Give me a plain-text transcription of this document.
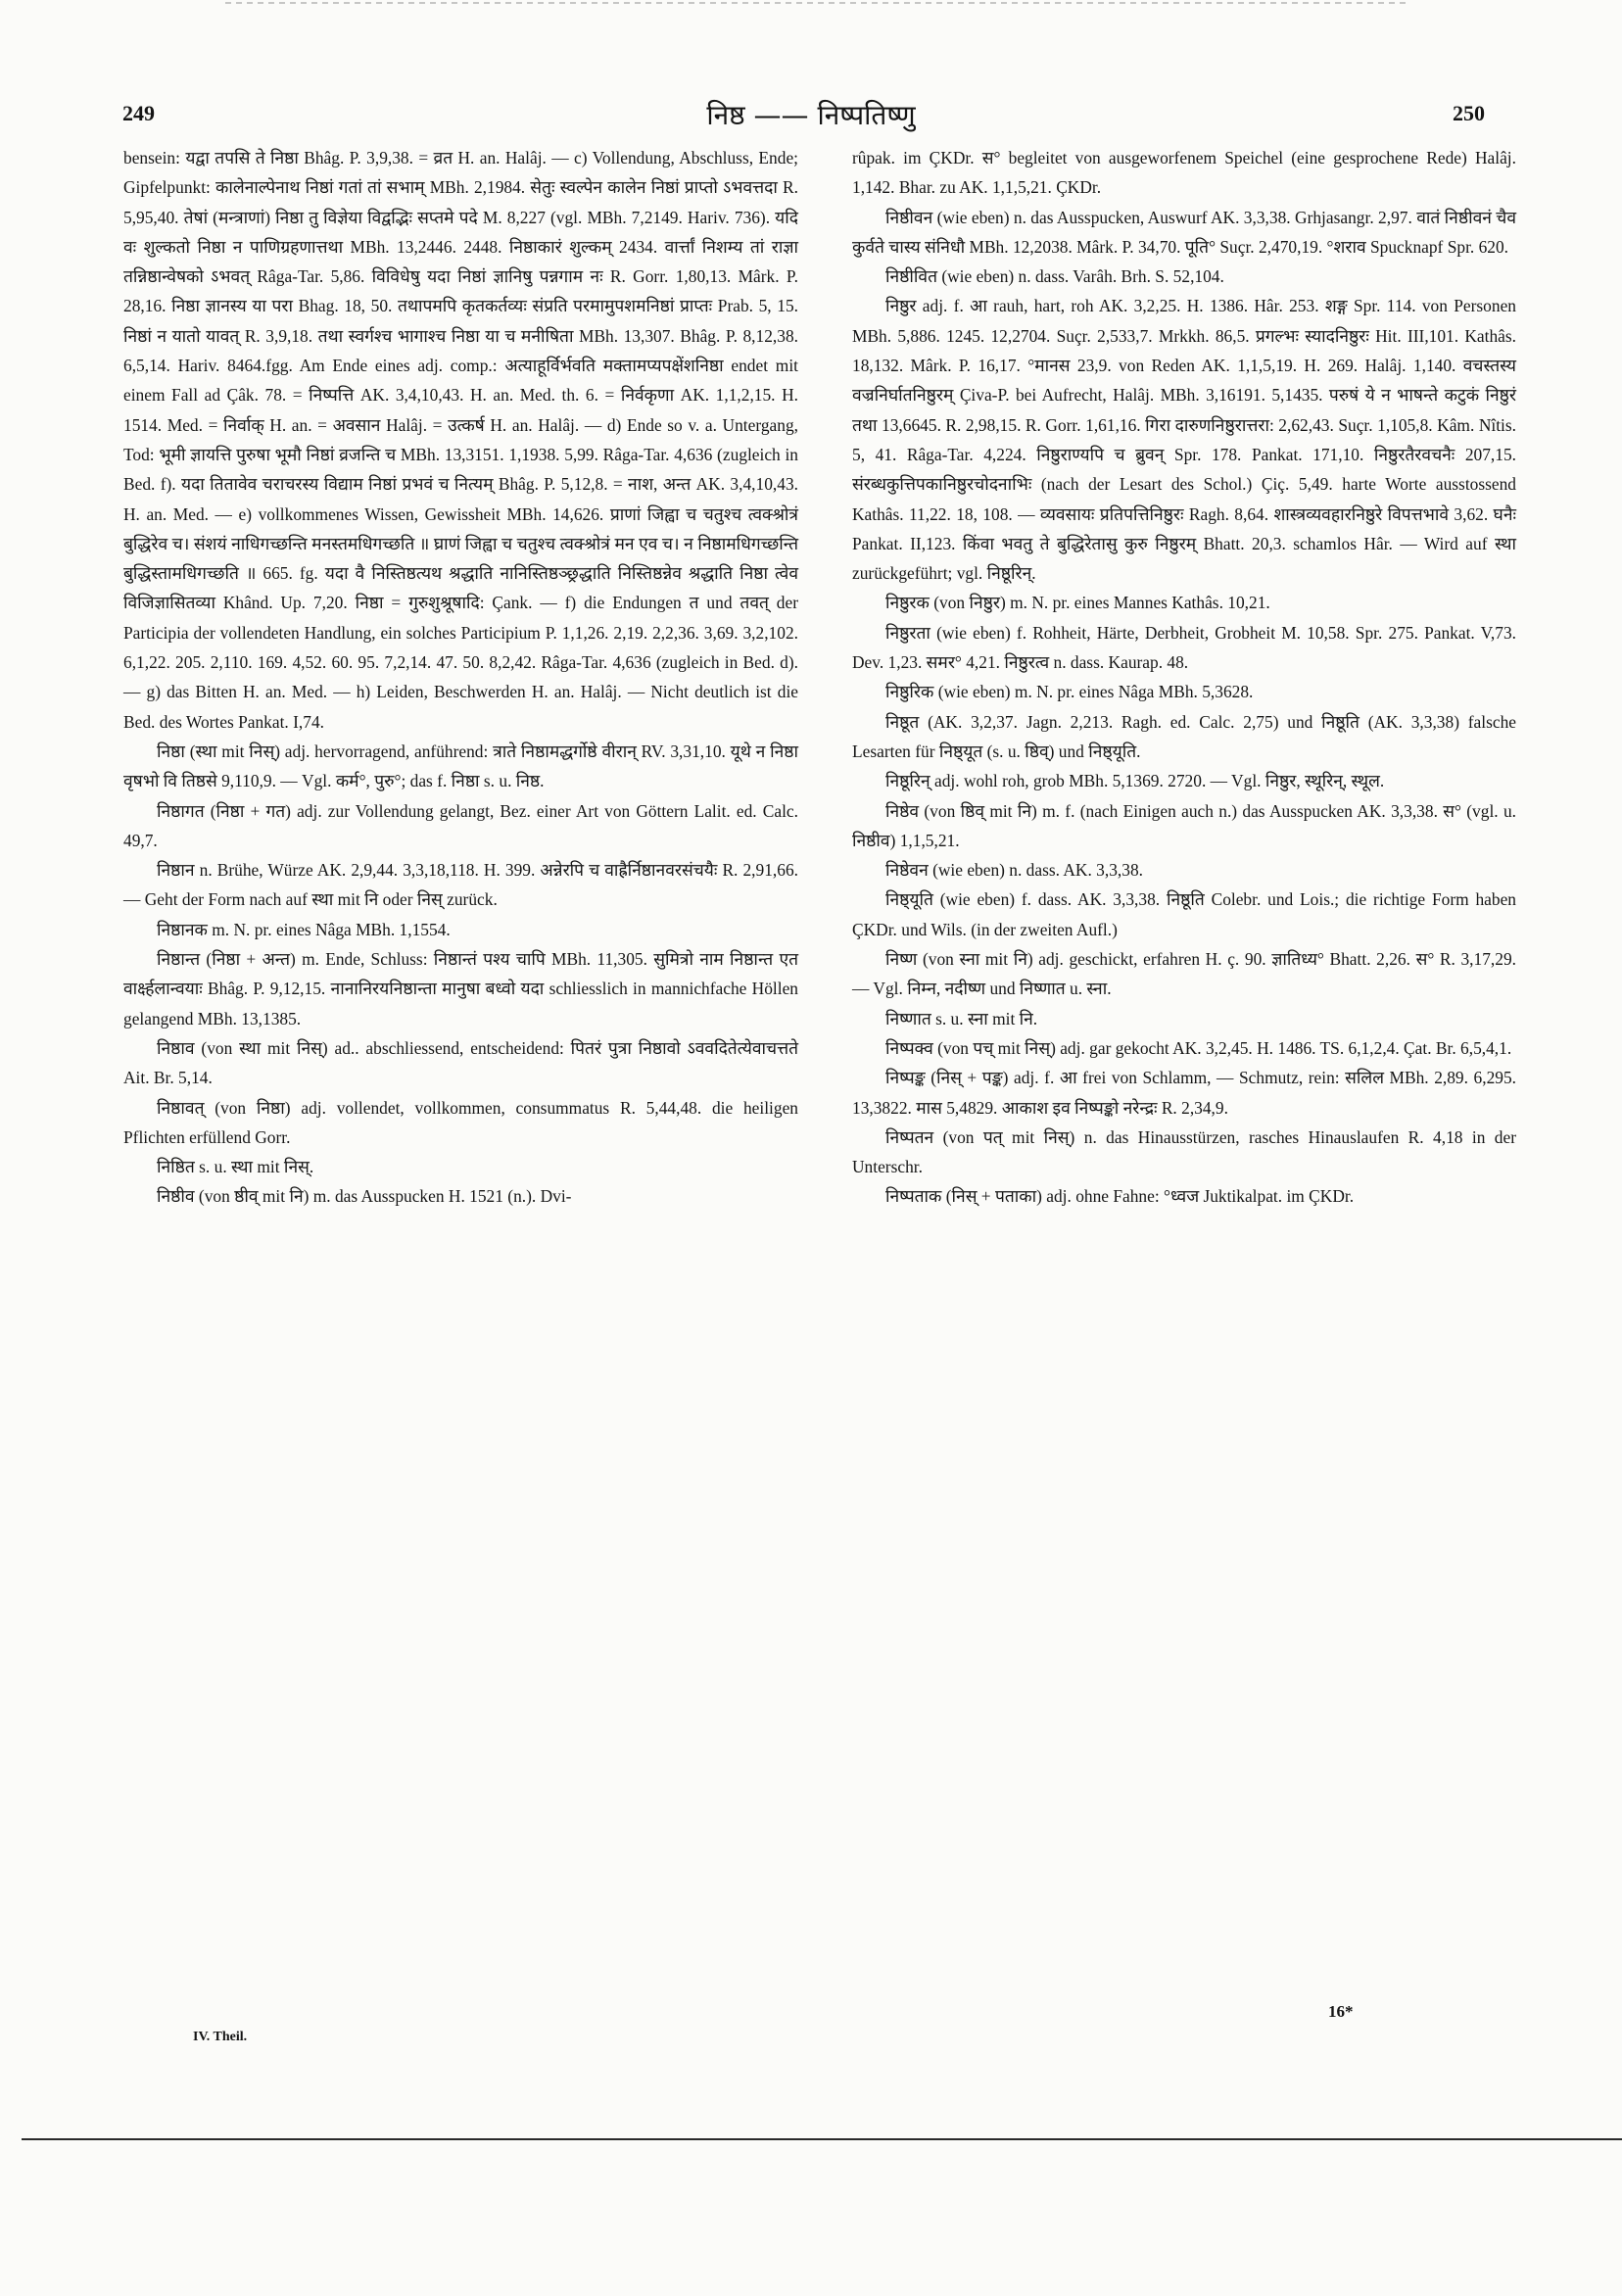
249	निष्ठ —— निष्पतिष्णु	250

bensein: यद्वा तपसि ते निष्ठा Bhâg. P. 3,9,38. = व्रत H. an. Halâj. — c) Vollendung, Abschluss, Ende; Gipfelpunkt: कालेनाल्पेनाथ निष्ठां गतां तां सभाम् MBh. 2,1984. सेतुः स्वल्पेन कालेन निष्ठां प्राप्तो ऽभवत्तदा R. 5,95,40. तेषां (मन्त्राणां) निष्ठा तु विज्ञेया विद्वद्भिः सप्तमे पदे M. 8,227 (vgl. MBh. 7,2149. Hariv. 736). यदि वः शुल्कतो निष्ठा न पाणिग्रहणात्तथा MBh. 13,2446. 2448. निष्ठाकारं शुल्कम् 2434. वार्त्तां निशम्य तां राज्ञा तन्निष्ठान्वेषको ऽभवत् Râga-Tar. 5,86. विविधेषु यदा निष्ठां ज्ञानिषु पन्नगाम नः R. Gorr. 1,80,13. Mârk. P. 28,16. निष्ठा ज्ञानस्य या परा Bhag. 18, 50. तथापमपि कृतकर्तव्यः संप्रति परमामुपशमनिष्ठां प्राप्तः Prab. 5, 15. निष्ठां न यातो यावत् R. 3,9,18. तथा स्वर्गश्च भागाश्च निष्ठा या च मनीषिता MBh. 13,307. Bhâg. P. 8,12,38. 6,5,14. Hariv. 8464.fgg. Am Ende eines adj. comp.: अत्याहूर्विर्भवति मक्तामप्यपक्षेंशनिष्ठा endet mit einem Fall ad Çâk. 78. = निष्पत्ति AK. 3,4,10,43. H. an. Med. th. 6. = निर्वकृणा AK. 1,1,2,15. H. 1514. Med. = निर्वाक् H. an. = अवसान Halâj. = उत्कर्ष H. an. Halâj. — d) Ende so v. a. Untergang, Tod: भूमी ज्ञायत्ति पुरुषा भूमौ निष्ठां व्रजन्ति च MBh. 13,3151. 1,1938. 5,99. Râga-Tar. 4,636 (zugleich in Bed. f). यदा तितावेव चराचरस्य विद्याम निष्ठां प्रभवं च नित्यम् Bhâg. P. 5,12,8. = नाश, अन्त AK. 3,4,10,43. H. an. Med. — e) vollkommenes Wissen, Gewissheit MBh. 14,626. प्राणां जिह्वा च चतुश्च त्वक्श्रोत्रं बुद्धिरेव च। संशयं नाधिगच्छन्ति मनस्तमधिगच्छति ॥ घ्राणं जिह्वा च चतुश्च त्वक्श्रोत्रं मन एव च। न निष्ठामधिगच्छन्ति बुद्धिस्तामधिगच्छति ॥ 665. fg. यदा वै निस्तिष्ठत्यथ श्रद्धाति नानिस्तिष्ठञ्छ्रद्धाति निस्तिष्ठन्नेव श्रद्धाति निष्ठा त्वेव विजिज्ञासितव्या Khând. Up. 7,20. निष्ठा = गुरुशुश्रूषादि: Çank. — f) die Endungen त und तवत् der Participia der vollendeten Handlung, ein solches Participium P. 1,1,26. 2,19. 2,2,36. 3,69. 3,2,102. 6,1,22. 205. 2,110. 169. 4,52. 60. 95. 7,2,14. 47. 50. 8,2,42. Râga-Tar. 4,636 (zugleich in Bed. d). — g) das Bitten H. an. Med. — h) Leiden, Beschwerden H. an. Halâj. — Nicht deutlich ist die Bed. des Wortes Pankat. I,74.

निष्ठा (स्था mit निस्) adj. hervorragend, anführend: त्राते निष्ठामद्धर्गोष्ठे वीरान् RV. 3,31,10. यूथे न निष्ठा वृषभो वि तिष्ठसे 9,110,9. — Vgl. कर्म°, पुरु°; das f. निष्ठा s. u. निष्ठ.

निष्ठागत (निष्ठा + गत) adj. zur Vollendung gelangt, Bez. einer Art von Göttern Lalit. ed. Calc. 49,7.

निष्ठान n. Brühe, Würze AK. 2,9,44. 3,3,18,118. H. 399. अन्नेरपि च वाह्रैर्निष्ठानवरसंचयैः R. 2,91,66. — Geht der Form nach auf स्था mit नि oder निस् zurück.

निष्ठानक m. N. pr. eines Nâga MBh. 1,1554.

निष्ठान्त (निष्ठा + अन्त) m. Ende, Schluss: निष्ठान्तं पश्य चापि MBh. 11,305. सुमित्रो नाम निष्ठान्त एत वार्क्ष्हलान्वयाः Bhâg. P. 9,12,15. नानानिरयनिष्ठान्ता मानुषा बध्वो यदा schliesslich in mannichfache Höllen gelangend MBh. 13,1385.

निष्ठाव (von स्था mit निस्) ad.. abschliessend, entscheidend: पितरं पुत्रा निष्ठावो ऽववदितेत्येवाचत्तते Ait. Br. 5,14.

निष्ठावत् (von निष्ठा) adj. vollendet, vollkommen, consummatus R. 5,44,48. die heiligen Pflichten erfüllend Gorr.

निष्ठित s. u. स्था mit निस्.

निष्ठीव (von ष्ठीव् mit नि) m. das Ausspucken H. 1521 (n.). Dvi-

rûpak. im ÇKDr. स° begleitet von ausgeworfenem Speichel (eine gesprochene Rede) Halâj. 1,142. Bhar. zu AK. 1,1,5,21. ÇKDr.

निष्ठीवन (wie eben) n. das Ausspucken, Auswurf AK. 3,3,38. Grhjasangr. 2,97. वातं निष्ठीवनं चैव कुर्वते चास्य संनिधौ MBh. 12,2038. Mârk. P. 34,70. पूति° Suçr. 2,470,19. °शराव Spucknapf Spr. 620.

निष्ठीवित (wie eben) n. dass. Varâh. Brh. S. 52,104.

निष्ठुर adj. f. आ rauh, hart, roh AK. 3,2,25. H. 1386. Hâr. 253. शङ्ग Spr. 114. von Personen MBh. 5,886. 1245. 12,2704. Suçr. 2,533,7. Mrkkh. 86,5. प्रगल्भः स्यादनिष्ठुरः Hit. III,101. Kathâs. 18,132. Mârk. P. 16,17. °मानस 23,9. von Reden AK. 1,1,5,19. H. 269. Halâj. 1,140. वचस्तस्य वज्रनिर्घातनिष्ठुरम् Çiva-P. bei Aufrecht, Halâj. MBh. 3,16191. 5,1435. परुषं ये न भाषन्ते कटुकं निष्ठुरं तथा 13,6645. R. 2,98,15. R. Gorr. 1,61,16. गिरा दारुणनिष्ठुरात्तरा: 2,62,43. Suçr. 1,105,8. Kâm. Nîtis. 5, 41. Râga-Tar. 4,224. निष्ठुराण्यपि च ब्रुवन् Spr. 178. Pankat. 171,10. निष्ठुरतैरवचनैः 207,15. संरब्धकुत्तिपकानिष्ठुरचोदनाभिः (nach der Lesart des Schol.) Çiç. 5,49. harte Worte ausstossend Kathâs. 11,22. 18, 108. — व्यवसायः प्रतिपत्तिनिष्ठुरः Ragh. 8,64. शास्त्रव्यवहारनिष्ठुरे विपत्तभावे 3,62. घनैः Pankat. II,123. किंवा भवतु ते बुद्धिरेतासु कुरु निष्ठुरम् Bhatt. 20,3. schamlos Hâr. — Wird auf स्था zurückgeführt; vgl. निष्ठूरिन्.

निष्ठुरक (von निष्ठुर) m. N. pr. eines Mannes Kathâs. 10,21.

निष्ठुरता (wie eben) f. Rohheit, Härte, Derbheit, Grobheit M. 10,58. Spr. 275. Pankat. V,73. Dev. 1,23. समर° 4,21. निष्ठुरत्व n. dass. Kaurap. 48.

निष्ठुरिक (wie eben) m. N. pr. eines Nâga MBh. 5,3628.

निष्ठूत (AK. 3,2,37. Jagn. 2,213. Ragh. ed. Calc. 2,75) und निष्ठूति (AK. 3,3,38) falsche Lesarten für निष्ठ्यूत (s. u. ष्ठिव्) und निष्ठ्यूति.

निष्ठूरिन् adj. wohl roh, grob MBh. 5,1369. 2720. — Vgl. निष्ठुर, स्थूरिन्, स्थूल.

निष्ठेव (von ष्ठिव् mit नि) m. f. (nach Einigen auch n.) das Ausspucken AK. 3,3,38. स° (vgl. u. निष्ठीव) 1,1,5,21.

निष्ठेवन (wie eben) n. dass. AK. 3,3,38.

निष्ठ्यूति (wie eben) f. dass. AK. 3,3,38. निष्ठूति Colebr. und Lois.; die richtige Form haben ÇKDr. und Wils. (in der zweiten Aufl.)

निष्ण (von स्ना mit नि) adj. geschickt, erfahren H. ç. 90. ज्ञातिध्य° Bhatt. 2,26. स° R. 3,17,29. — Vgl. निम्न, नदीष्ण und निष्णात u. स्ना.

निष्णात s. u. स्ना mit नि.

निष्पक्व (von पच् mit निस्) adj. gar gekocht AK. 3,2,45. H. 1486. TS. 6,1,2,4. Çat. Br. 6,5,4,1.

निष्पङ्क (निस् + पङ्क) adj. f. आ frei von Schlamm, — Schmutz, rein: सलिल MBh. 2,89. 6,295. 13,3822. मास 5,4829. आकाश इव निष्पङ्को नरेन्द्रः R. 2,34,9.

निष्पतन (von पत् mit निस्) n. das Hinausstürzen, rasches Hinauslaufen R. 4,18 in der Unterschr.

निष्पताक (निस् + पताका) adj. ohne Fahne: °ध्वज Juktikalpat. im ÇKDr.

IV. Theil.
16*
